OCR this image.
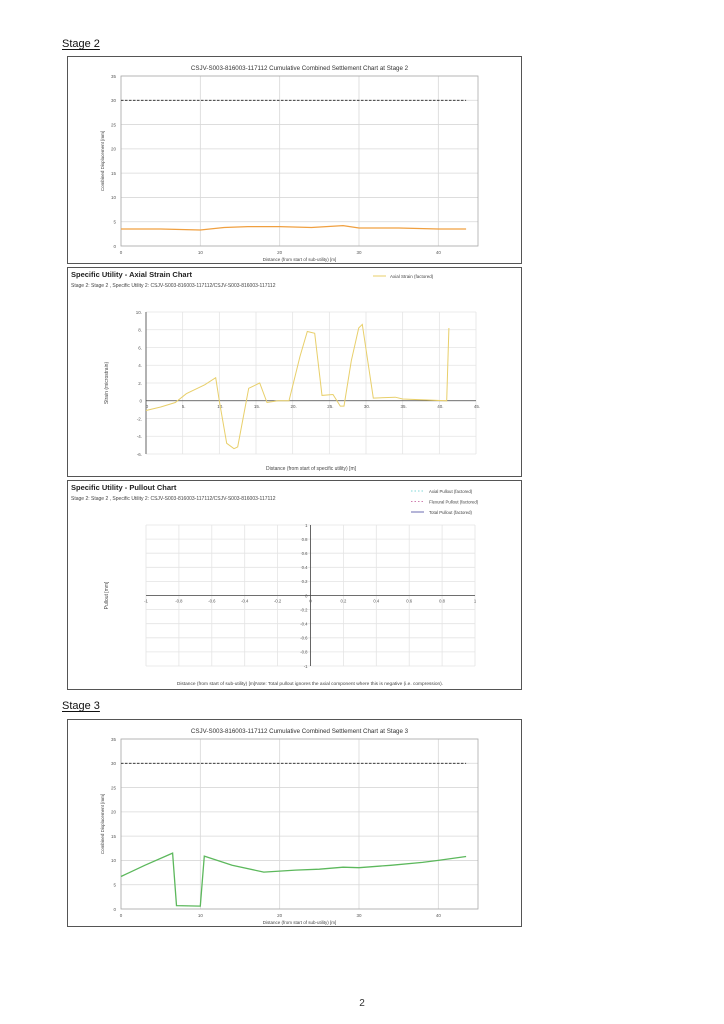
Stage 2
CSJV-S003-816003-117112 Cumulative Combined Settlement Chart at Stage 2
0
5
10
15
20
25
30
35
0	10	20	30	40
Distance (from start of sub-utility) [m]
Combined Displacement [mm]
Specific Utility - Axial Strain Chart
Stage 2: Stage 2 , Specific Utility 2: CSJV-S003-816003-117112/CSJV-S003-816003-117112
Axial Strain (factored)
10.
8.
6.
4.
2.
0
-2.
-4.
-6.
0	5.	10.	15.	20.	25.	30.	35.	40.	45.
Distance (from start of specific utility) [m]
Strain (microstrain)
Specific Utility - Pullout Chart
Stage 2: Stage 2 , Specific Utility 2: CSJV-S003-816003-117112/CSJV-S003-816003-117112
Axial Pullout (factored)
Flexural Pullout (factored)
Total Pullout (factored)
1
0.8
0.6
0.4
0.2
0
-0.2
-0.4
-0.6
-0.8
-1
-1	-0.8	-0.6	-0.4	-0.2	0	0.2	0.4	0.6	0.8	1
Distance (from start of sub-utility) [m]Note: Total pullout ignores the axial component where this is negative (i.e. compression).
Pullout [mm]
Stage 3
CSJV-S003-816003-117112 Cumulative Combined Settlement Chart at Stage 3
0
5
10
15
20
25
30
35
0	10	20	30	40
Distance (from start of sub-utility) [m]
Combined Displacement [mm]
2
